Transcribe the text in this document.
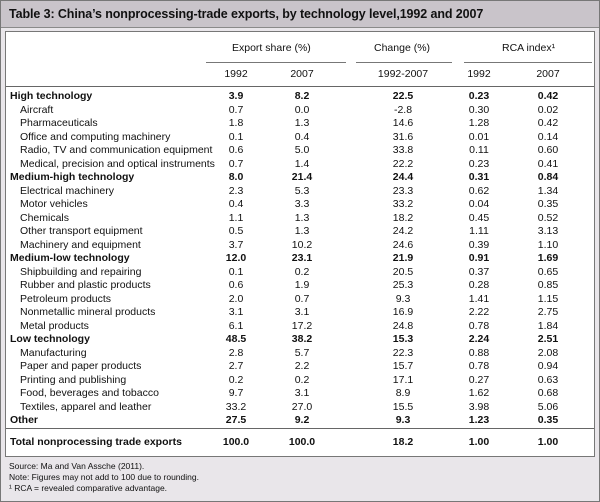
Table 3: China’s nonprocessing-trade exports, by technology level,1992 and 2007
Export share (%)	Change (%)	RCA index¹
1992	2007	1992-2007	1992	2007
High technology	3.9	8.2	22.5	0.23	0.42
Aircraft	0.7	0.0	-2.8	0.30	0.02
Pharmaceuticals	1.8	1.3	14.6	1.28	0.42
Office and computing machinery	0.1	0.4	31.6	0.01	0.14
Radio, TV and communication equipment	0.6	5.0	33.8	0.11	0.60
Medical, precision and optical instruments	0.7	1.4	22.2	0.23	0.41
Medium-high technology	8.0	21.4	24.4	0.31	0.84
Electrical machinery	2.3	5.3	23.3	0.62	1.34
Motor vehicles	0.4	3.3	33.2	0.04	0.35
Chemicals	1.1	1.3	18.2	0.45	0.52
Other transport equipment	0.5	1.3	24.2	1.11	3.13
Machinery and equipment	3.7	10.2	24.6	0.39	1.10
Medium-low technology	12.0	23.1	21.9	0.91	1.69
Shipbuilding and repairing	0.1	0.2	20.5	0.37	0.65
Rubber and plastic products	0.6	1.9	25.3	0.28	0.85
Petroleum products	2.0	0.7	9.3	1.41	1.15
Nonmetallic mineral products	3.1	3.1	16.9	2.22	2.75
Metal products	6.1	17.2	24.8	0.78	1.84
Low technology	48.5	38.2	15.3	2.24	2.51
Manufacturing	2.8	5.7	22.3	0.88	2.08
Paper and paper products	2.7	2.2	15.7	0.78	0.94
Printing and publishing	0.2	0.2	17.1	0.27	0.63
Food, beverages and tobacco	9.7	3.1	8.9	1.62	0.68
Textiles, apparel and leather	33.2	27.0	15.5	3.98	5.06
Other	27.5	9.2	9.3	1.23	0.35
Total nonprocessing trade exports	100.0	100.0	18.2	1.00	1.00
Source: Ma and Van Assche (2011).
Note: Figures may not add to 100 due to rounding.
¹ RCA = revealed comparative advantage.
